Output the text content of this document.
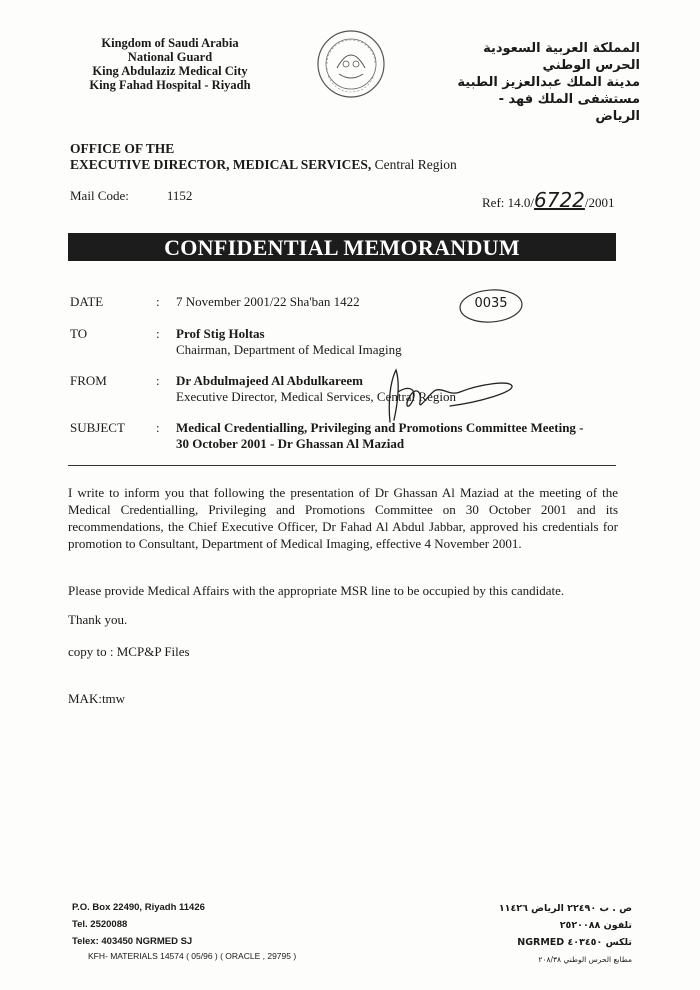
Kingdom of Saudi Arabia
National Guard
King Abdulaziz Medical City
King Fahad Hospital - Riyadh
المملكة العربية السعودية
الحرس الوطني
مدينة الملك عبدالعزيز الطبية
مستشفى الملك فهد - الرياض
OFFICE OF THE
EXECUTIVE DIRECTOR, MEDICAL SERVICES, Central Region
Mail Code:	1152	Ref: 14.0/6722/2001
CONFIDENTIAL MEMORANDUM
0035
DATE	: 7 November 2001/22 Sha'ban 1422
TO	: Prof Stig Holtas
Chairman, Department of Medical Imaging
FROM	: Dr Abdulmajeed Al Abdulkareem
Executive Director, Medical Services, Central Region
SUBJECT	: Medical Credentialling, Privileging and Promotions Committee Meeting -
30 October 2001 - Dr Ghassan Al Maziad
I write to inform you that following the presentation of Dr Ghassan Al Maziad at the meeting of the Medical Credentialling, Privileging and Promotions Committee on 30 October 2001 and its recommendations, the Chief Executive Officer, Dr Fahad Al Abdul Jabbar, approved his credentials for promotion to Consultant, Department of Medical Imaging, effective 4 November 2001.
Please provide Medical Affairs with the appropriate MSR line to be occupied by this candidate.
Thank you.
copy to : MCP&P Files
MAK:tmw
P.O. Box 22490, Riyadh 11426
Tel. 2520088
Telex: 403450 NGRMED SJ
KFH- MATERIALS 14574 ( 05/96 ) ( ORACLE , 29795 )
ص . ب ٢٢٤٩٠ الرياض ١١٤٢٦
تلفون ٢٥٢٠٠٨٨
تلكس ٤٠٣٤٥٠ NGRMED
مطابع الحرس الوطني ٢٠٨/٣٨
